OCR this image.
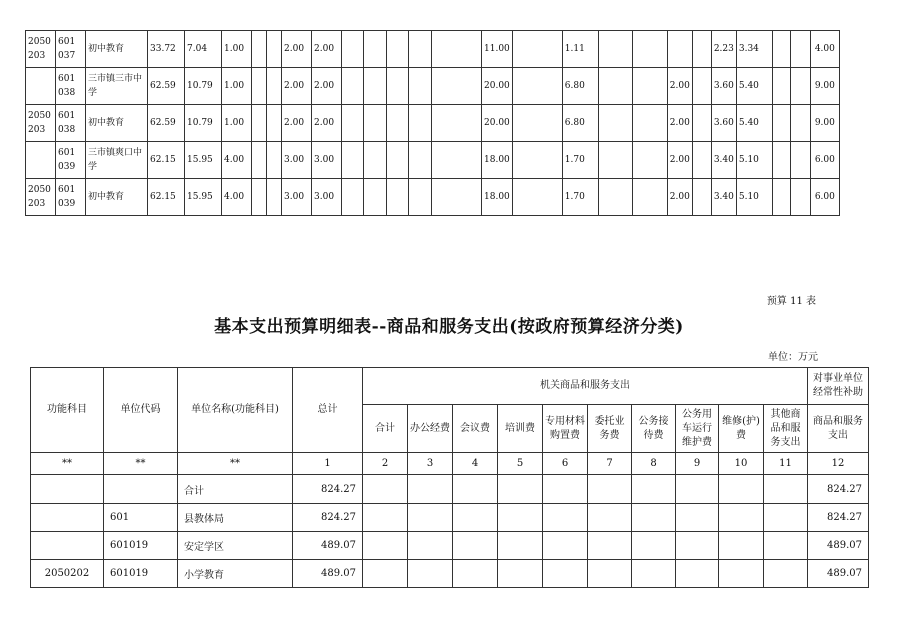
2050 203	601 037	初中教育	33.72	7.04	1.00			2.00	2.00						11.00		1.11					2.23	3.34			4.00
	601 038	三市镇三市中学	62.59	10.79	1.00			2.00	2.00						20.00		6.80			2.00		3.60	5.40			9.00
2050 203	601 038	初中教育	62.59	10.79	1.00			2.00	2.00						20.00		6.80			2.00		3.60	5.40			9.00
	601 039	三市镇爽口中学	62.15	15.95	4.00			3.00	3.00						18.00		1.70			2.00		3.40	5.10			6.00
2050 203	601 039	初中教育	62.15	15.95	4.00			3.00	3.00						18.00		1.70			2.00		3.40	5.10			6.00
预算 11 表
基本支出预算明细表--商品和服务支出(按政府预算经济分类)
单位：万元
功能科目	单位代码	单位名称(功能科目)	总计	机关商品和服务支出										对事业单位经常性补助
				合计	办公经费	会议费	培训费	专用材料购置费	委托业务费	公务接待费	公务用车运行维护费	维修(护)费	其他商品和服务支出	商品和服务支出
**	**	**	1	2	3	4	5	6	7	8	9	10	11	12
		合计	824.27											824.27
	601	县教体局	824.27											824.27
	601019	安定学区	489.07											489.07
2050202	601019	小学教育	489.07											489.07
